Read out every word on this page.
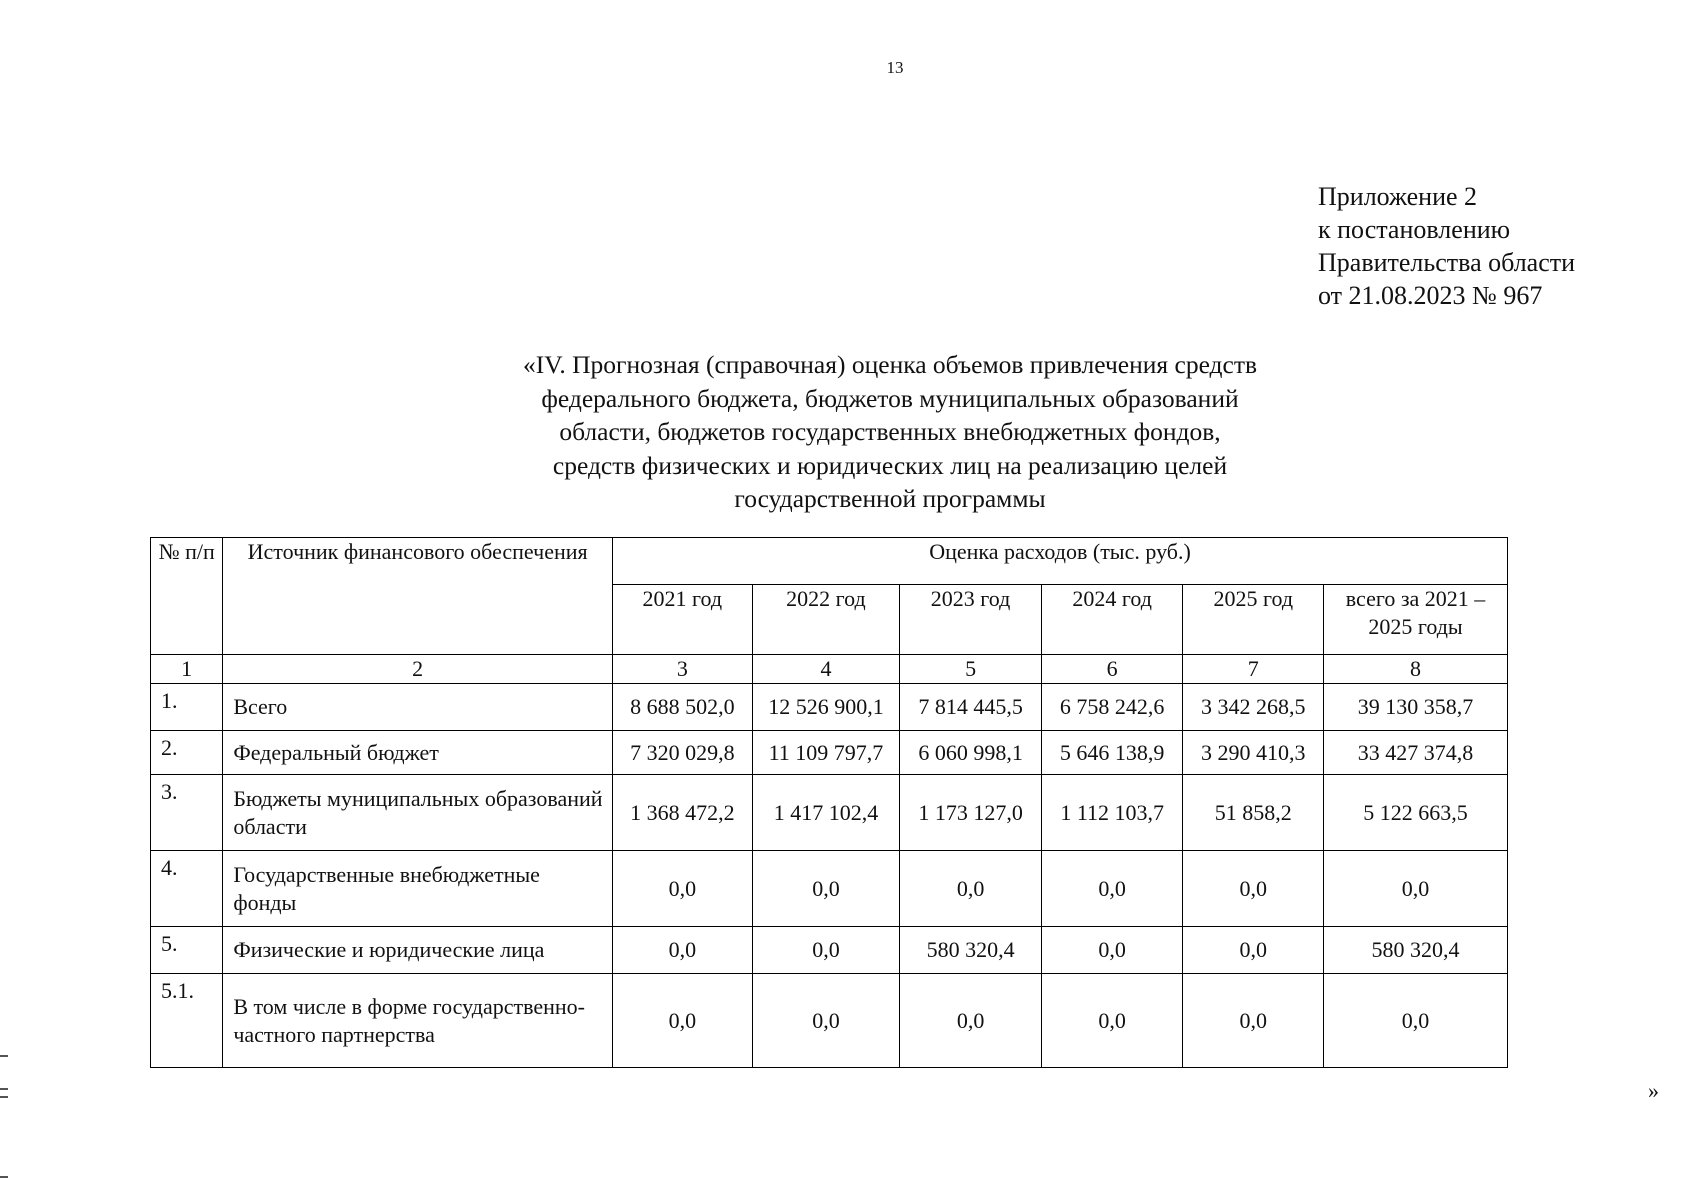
13
Приложение 2
к постановлению
Правительства области
от 21.08.2023 № 967
«IV. Прогнозная (справочная) оценка объемов привлечения средств
федерального бюджета, бюджетов муниципальных образований
области, бюджетов государственных внебюджетных фондов,
средств физических и юридических лиц на реализацию целей
государственной программы
№ п/п	Источник финансового обеспечения	Оценка расходов (тыс. руб.)					
		2021 год	2022 год	2023 год	2024 год	2025 год	всего за 2021 – 2025 годы
1	2	3	4	5	6	7	8
1.	Всего	8 688 502,0	12 526 900,1	7 814 445,5	6 758 242,6	3 342 268,5	39 130 358,7
2.	Федеральный бюджет	7 320 029,8	11 109 797,7	6 060 998,1	5 646 138,9	3 290 410,3	33 427 374,8
3.	Бюджеты муниципальных образований области	1 368 472,2	1 417 102,4	1 173 127,0	1 112 103,7	51 858,2	5 122 663,5
4.	Государственные внебюджетные фонды	0,0	0,0	0,0	0,0	0,0	0,0
5.	Физические и юридические лица	0,0	0,0	580 320,4	0,0	0,0	580 320,4
5.1.	В том числе в форме государственно-частного партнерства	0,0	0,0	0,0	0,0	0,0	0,0
»
